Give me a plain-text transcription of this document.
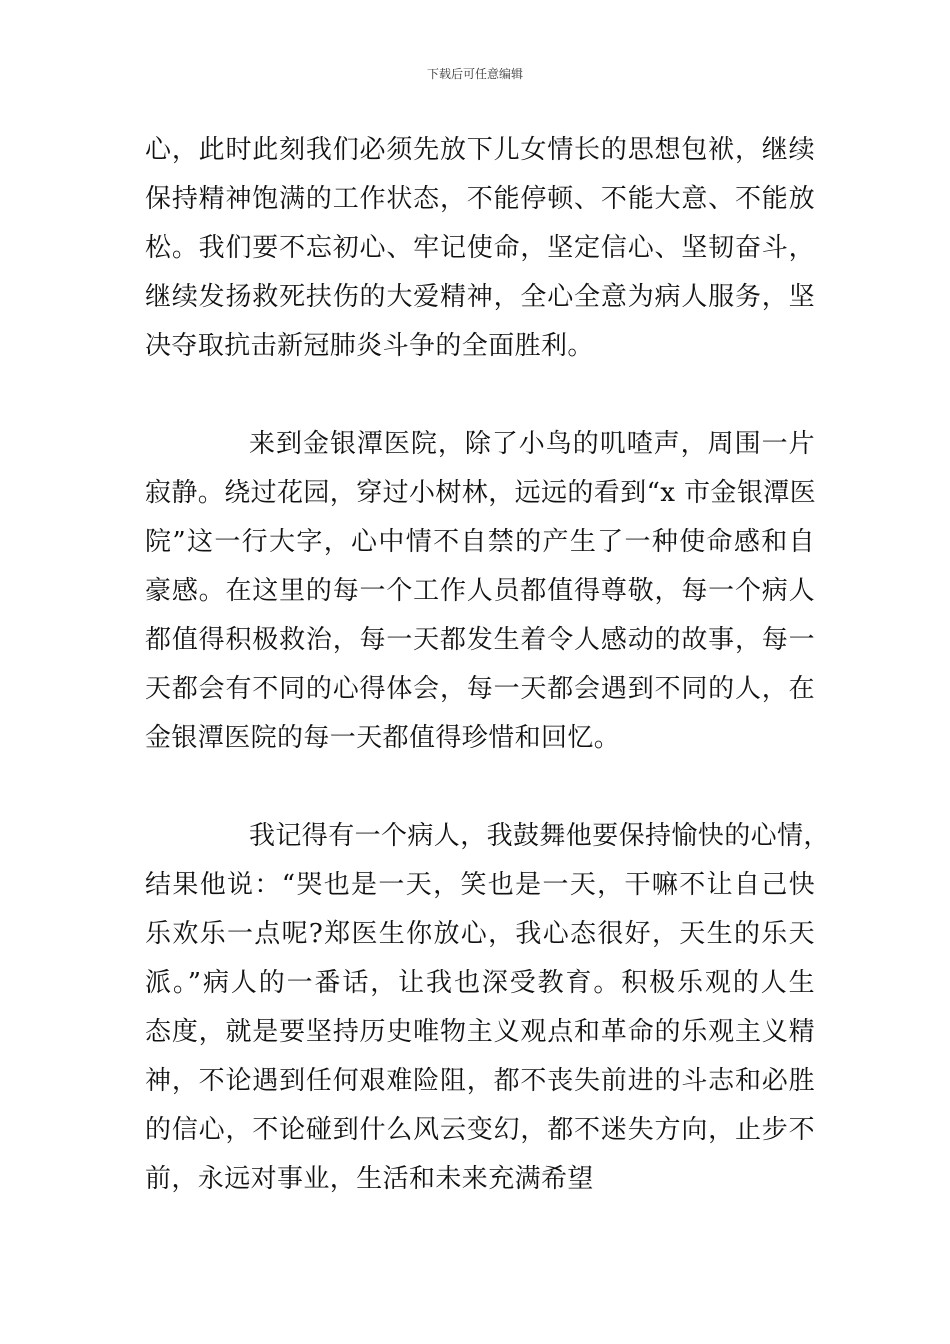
下载后可任意编辑
心，此时此刻我们必须先放下儿女情长的思想包袱，继续
保持精神饱满的工作状态，不能停顿、不能大意、不能放
松。我们要不忘初心、牢记使命，坚定信心、坚韧奋斗，
继续发扬救死扶伤的大爱精神，全心全意为病人服务，坚
决夺取抗击新冠肺炎斗争的全面胜利。
来到金银潭医院，除了小鸟的叽喳声，周围一片
寂静。绕过花园，穿过小树林，远远的看到“x 市金银潭医
院”这一行大字，心中情不自禁的产生了一种使命感和自
豪感。在这里的每一个工作人员都值得尊敬，每一个病人
都值得积极救治，每一天都发生着令人感动的故事，每一
天都会有不同的心得体会，每一天都会遇到不同的人，在
金银潭医院的每一天都值得珍惜和回忆。
我记得有一个病人，我鼓舞他要保持愉快的心情，
结果他说：“哭也是一天，笑也是一天，干嘛不让自己快
乐欢乐一点呢?郑医生你放心，我心态很好，天生的乐天
派。”病人的一番话，让我也深受教育。积极乐观的人生
态度，就是要坚持历史唯物主义观点和革命的乐观主义精
神，不论遇到任何艰难险阻，都不丧失前进的斗志和必胜
的信心，不论碰到什么风云变幻，都不迷失方向，止步不
前，永远对事业，生活和未来充满希望
